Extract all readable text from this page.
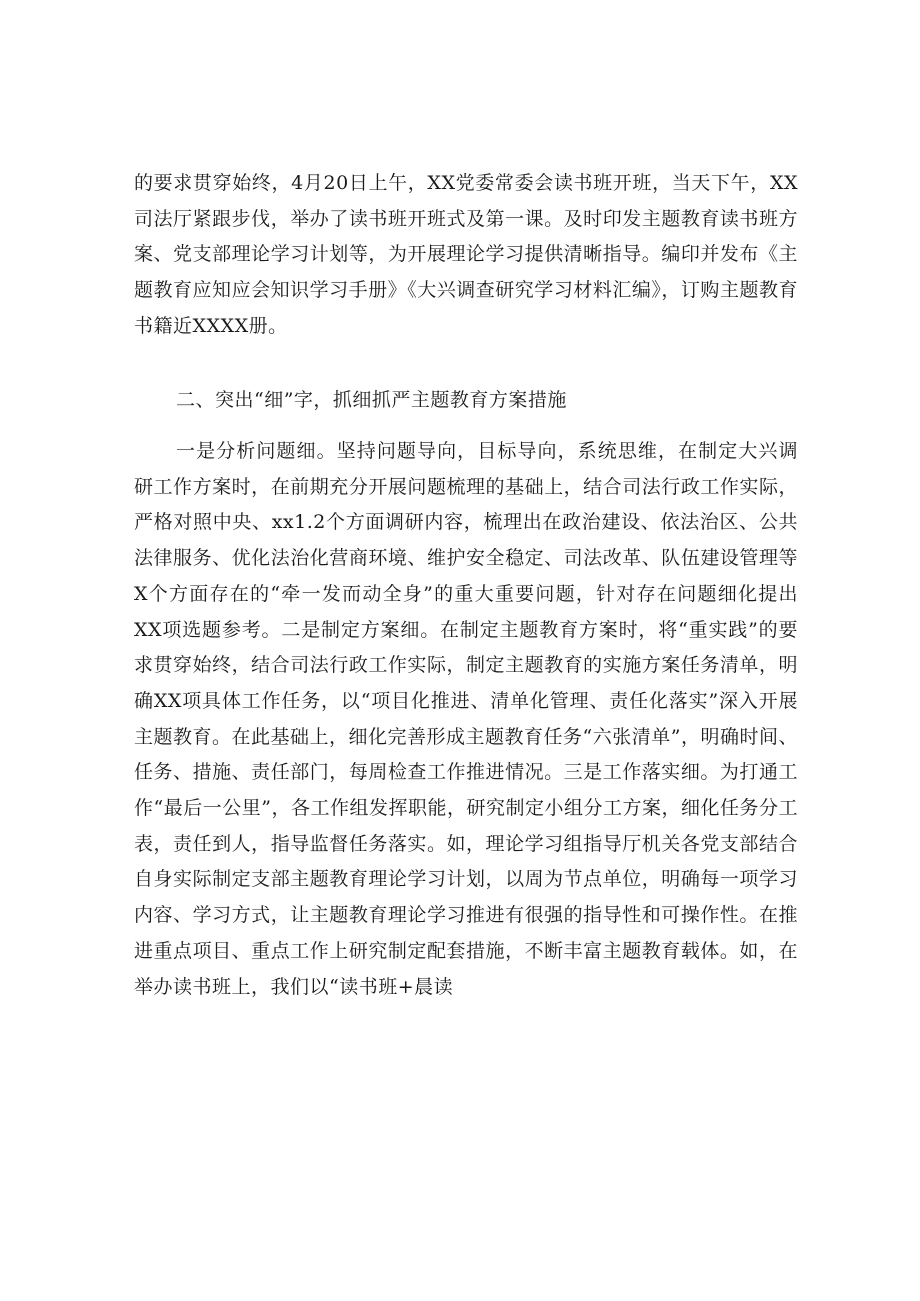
的要求贯穿始终，4月20日上午，XX党委常委会读书班开班，当天下午，XX司法厅紧跟步伐，举办了读书班开班式及第一课。及时印发主题教育读书班方案、党支部理论学习计划等，为开展理论学习提供清晰指导。编印并发布《主题教育应知应会知识学习手册》《大兴调查研究学习材料汇编》，订购主题教育书籍近XXXX册。

二、突出“细”字，抓细抓严主题教育方案措施

一是分析问题细。坚持问题导向，目标导向，系统思维，在制定大兴调研工作方案时，在前期充分开展问题梳理的基础上，结合司法行政工作实际，严格对照中央、xx1.2个方面调研内容，梳理出在政治建设、依法治区、公共法律服务、优化法治化营商环境、维护安全稳定、司法改革、队伍建设管理等X个方面存在的“牵一发而动全身”的重大重要问题，针对存在问题细化提出XX项选题参考。二是制定方案细。在制定主题教育方案时，将“重实践”的要求贯穿始终，结合司法行政工作实际，制定主题教育的实施方案任务清单，明确XX项具体工作任务，以“项目化推进、清单化管理、责任化落实”深入开展主题教育。在此基础上，细化完善形成主题教育任务“六张清单”，明确时间、任务、措施、责任部门，每周检查工作推进情况。三是工作落实细。为打通工作“最后一公里”，各工作组发挥职能，研究制定小组分工方案，细化任务分工表，责任到人，指导监督任务落实。如，理论学习组指导厅机关各党支部结合自身实际制定支部主题教育理论学习计划，以周为节点单位，明确每一项学习内容、学习方式，让主题教育理论学习推进有很强的指导性和可操作性。在推进重点项目、重点工作上研究制定配套措施，不断丰富主题教育载体。如，在举办读书班上，我们以“读书班+晨读
